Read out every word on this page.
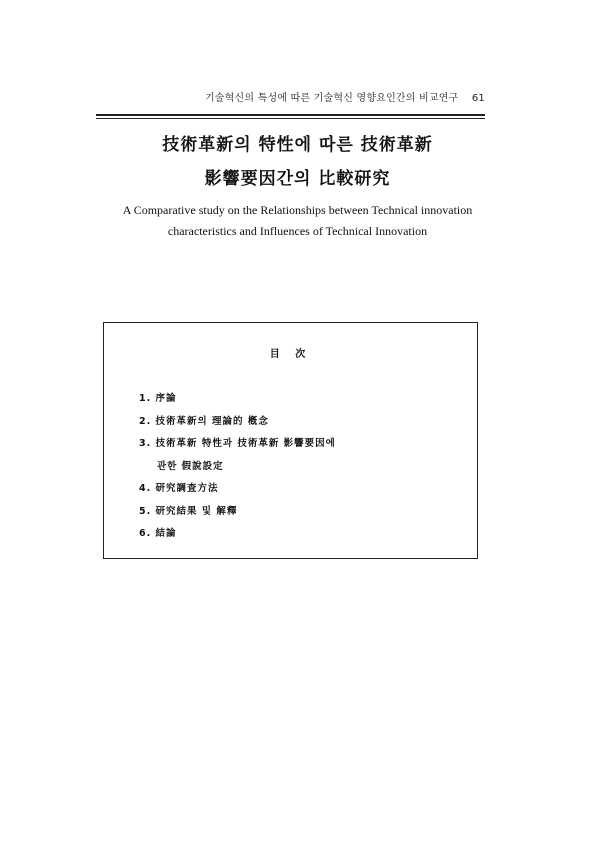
기술혁신의 특성에 따른 기술혁신 영향요인간의 비교연구 61

技術革新의 特性에 따른 技術革新

影響要因간의 比較研究

A Comparative study on the Relationships between Technical innovation
characteristics and Influences of Technical Innovation
目 次
1. 序論
2. 技術革新의 理論的 槪念
3. 技術革新 特性과 技術革新 影響要因에
관한 假說設定
4. 研究調査方法
5. 研究結果 및 解釋
6. 結論
